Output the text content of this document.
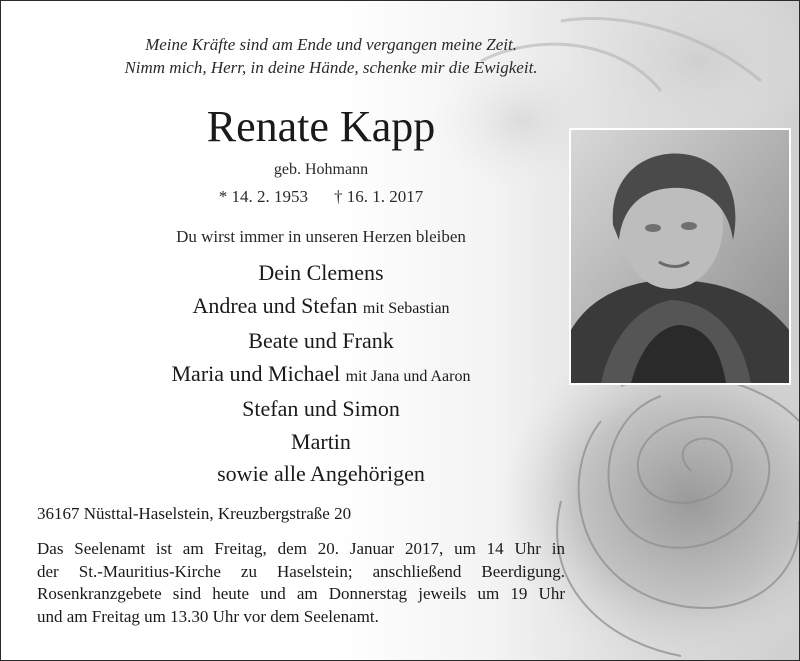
Meine Kräfte sind am Ende und vergangen meine Zeit.
Nimm mich, Herr, in deine Hände, schenke mir die Ewigkeit.
Renate Kapp
geb. Hohmann
* 14. 2. 1953 † 16. 1. 2017
Du wirst immer in unseren Herzen bleiben
Dein Clemens
Andrea und Stefan mit Sebastian
Beate und Frank
Maria und Michael mit Jana und Aaron
Stefan und Simon
Martin
sowie alle Angehörigen
36167 Nüsttal-Haselstein, Kreuzbergstraße 20
Das Seelenamt ist am Freitag, dem 20. Januar 2017, um 14 Uhr in
der St.-Mauritius-Kirche zu Haselstein; anschließend Beerdigung.
Rosenkranzgebete sind heute und am Donnerstag jeweils um 19 Uhr
und am Freitag um 13.30 Uhr vor dem Seelenamt.
